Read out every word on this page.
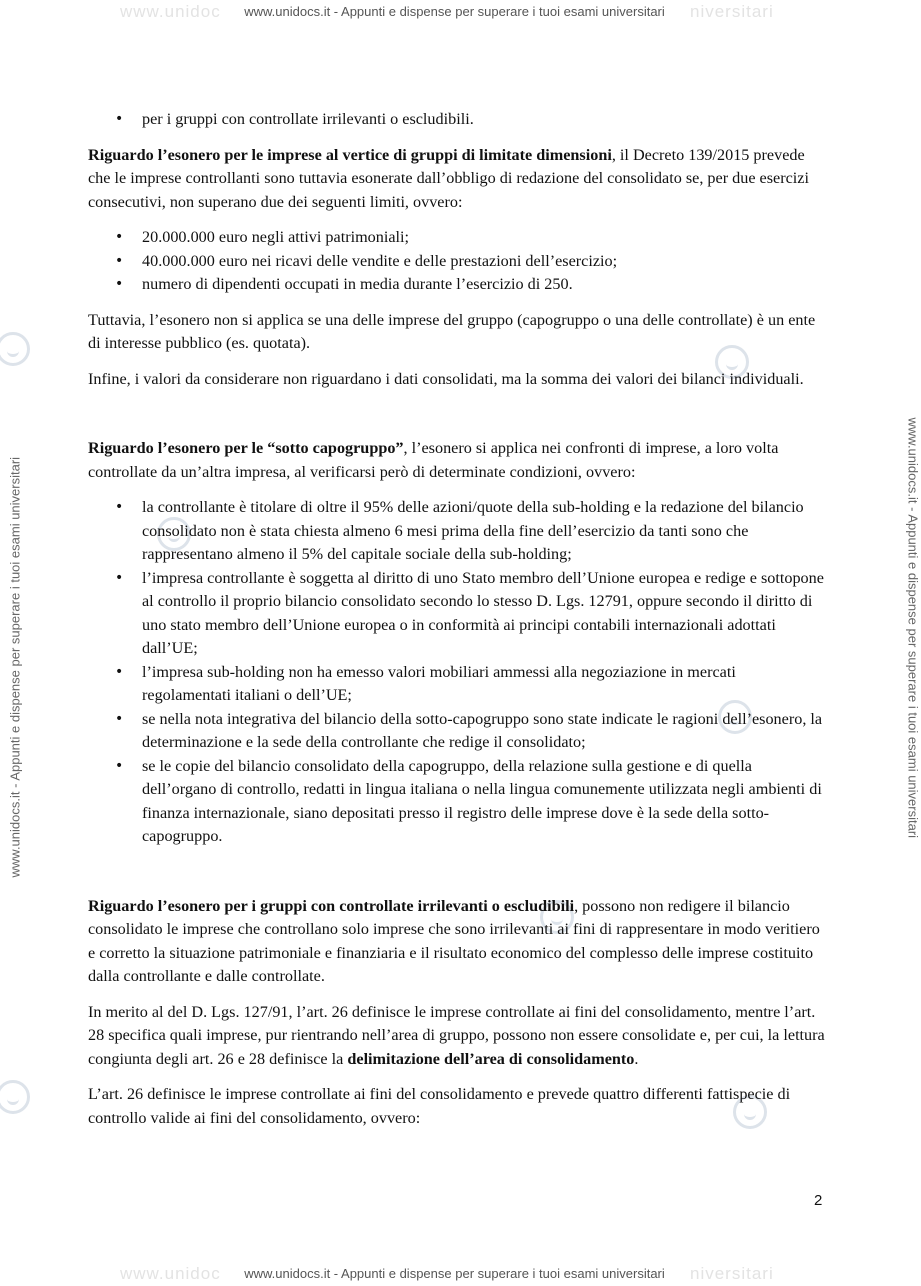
www.unidoc	niversitari
www.unidocs.it - Appunti e dispense per superare i tuoi esami universitari
www.unidocs.it - Appunti e dispense per superare i tuoi esami universitari	www.unidocs.it - Appunti e dispense per superare i tuoi esami universitari
• per i gruppi con controllate irrilevanti o escludibili.

Riguardo l’esonero per le imprese al vertice di gruppi di limitate dimensioni, il Decreto 139/2015 prevede che le imprese controllanti sono tuttavia esonerate dall’obbligo di redazione del consolidato se, per due esercizi consecutivi, non superano due dei seguenti limiti, ovvero:

• 20.000.000 euro negli attivi patrimoniali;
• 40.000.000 euro nei ricavi delle vendite e delle prestazioni dell’esercizio;
• numero di dipendenti occupati in media durante l’esercizio di 250.

Tuttavia, l’esonero non si applica se una delle imprese del gruppo (capogruppo o una delle controllate) è un ente di interesse pubblico (es. quotata).

Infine, i valori da considerare non riguardano i dati consolidati, ma la somma dei valori dei bilanci individuali.

Riguardo l’esonero per le “sotto capogruppo”, l’esonero si applica nei confronti di imprese, a loro volta controllate da un’altra impresa, al verificarsi però di determinate condizioni, ovvero:

• la controllante è titolare di oltre il 95% delle azioni/quote della sub-holding e la redazione del bilancio consolidato non è stata chiesta almeno 6 mesi prima della fine dell’esercizio da tanti sono che rappresentano almeno il 5% del capitale sociale della sub-holding;
• l’impresa controllante è soggetta al diritto di uno Stato membro dell’Unione europea e redige e sottopone al controllo il proprio bilancio consolidato secondo lo stesso D. Lgs. 12791, oppure secondo il diritto di uno stato membro dell’Unione europea o in conformità ai principi contabili internazionali adottati dall’UE;
• l’impresa sub-holding non ha emesso valori mobiliari ammessi alla negoziazione in mercati regolamentati italiani o dell’UE;
• se nella nota integrativa del bilancio della sotto-capogruppo sono state indicate le ragioni dell’esonero, la determinazione e la sede della controllante che redige il consolidato;
• se le copie del bilancio consolidato della capogruppo, della relazione sulla gestione e di quella dell’organo di controllo, redatti in lingua italiana o nella lingua comunemente utilizzata negli ambienti di finanza internazionale, siano depositati presso il registro delle imprese dove è la sede della sotto-capogruppo.

Riguardo l’esonero per i gruppi con controllate irrilevanti o escludibili, possono non redigere il bilancio consolidato le imprese che controllano solo imprese che sono irrilevanti ai fini di rappresentare in modo veritiero e corretto la situazione patrimoniale e finanziaria e il risultato economico del complesso delle imprese costituito dalla controllante e dalle controllate.

In merito al del D. Lgs. 127/91, l’art. 26 definisce le imprese controllate ai fini del consolidamento, mentre l’art. 28 specifica quali imprese, pur rientrando nell’area di gruppo, possono non essere consolidate e, per cui, la lettura congiunta degli art. 26 e 28 definisce la delimitazione dell’area di consolidamento.

L’art. 26 definisce le imprese controllate ai fini del consolidamento e prevede quattro differenti fattispecie di controllo valide ai fini del consolidamento, ovvero:

2
www.unidoc	niversitari
www.unidocs.it - Appunti e dispense per superare i tuoi esami universitari
